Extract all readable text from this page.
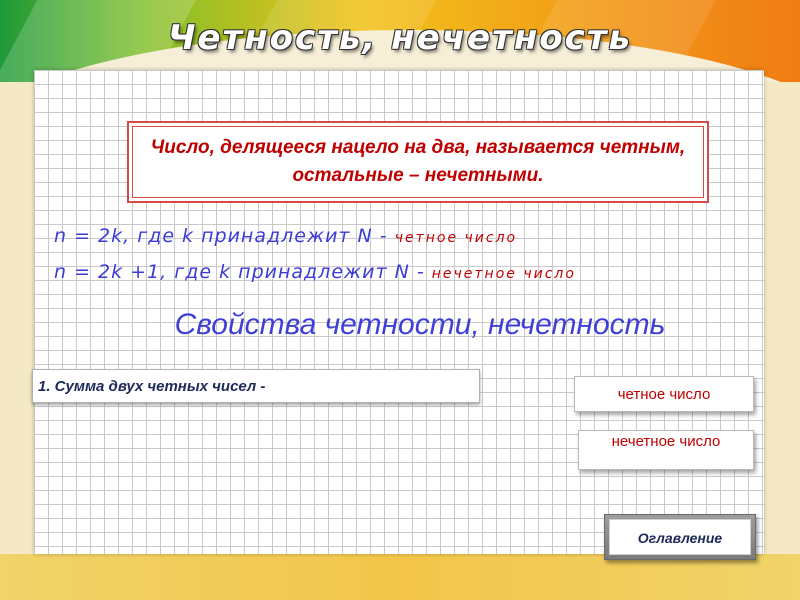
Четность, нечетность
Число, делящееся нацело на два, называется четным, остальные – нечетными.
n = 2k, где k принадлежит N - четное число
n = 2k +1, где k принадлежит N - нечетное число
Свойства четности, нечетность
1. Сумма двух четных чисел -	четное число
нечетное число
Оглавление
